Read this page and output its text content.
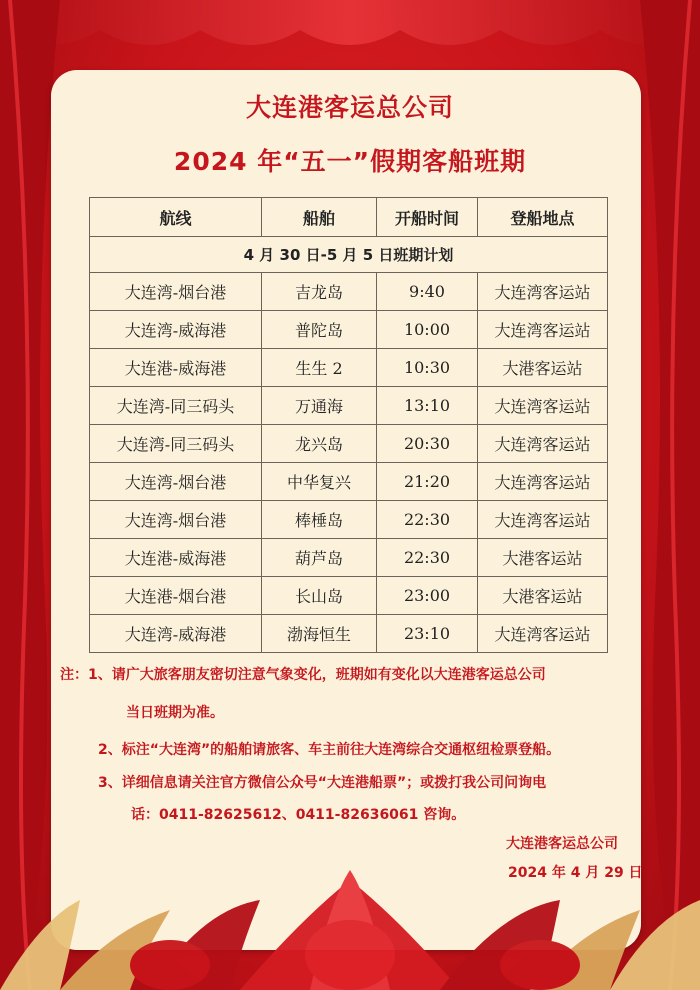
大连港客运总公司
2024 年“五一”假期客船班期
4 月 30 日-5 月 5 日班期计划			
航线	船舶	开船时间	登船地点
大连湾-烟台港	吉龙岛	9:40	大连湾客运站
大连湾-威海港	普陀岛	10:00	大连湾客运站
大连港-威海港	生生 2	10:30	大港客运站
大连湾-同三码头	万通海	13:10	大连湾客运站
大连湾-同三码头	龙兴岛	20:30	大连湾客运站
大连湾-烟台港	中华复兴	21:20	大连湾客运站
大连湾-烟台港	棒棰岛	22:30	大连湾客运站
大连港-威海港	葫芦岛	22:30	大港客运站
大连港-烟台港	长山岛	23:00	大港客运站
大连湾-威海港	渤海恒生	23:10	大连湾客运站
注：1、请广大旅客朋友密切注意气象变化，班期如有变化以大连港客运总公司
当日班期为准。
2、标注“大连湾”的船舶请旅客、车主前往大连湾综合交通枢纽检票登船。
3、详细信息请关注官方微信公众号“大连港船票”；或拨打我公司问询电
话：0411-82625612、0411-82636061 咨询。
大连港客运总公司
2024 年 4 月 29 日
